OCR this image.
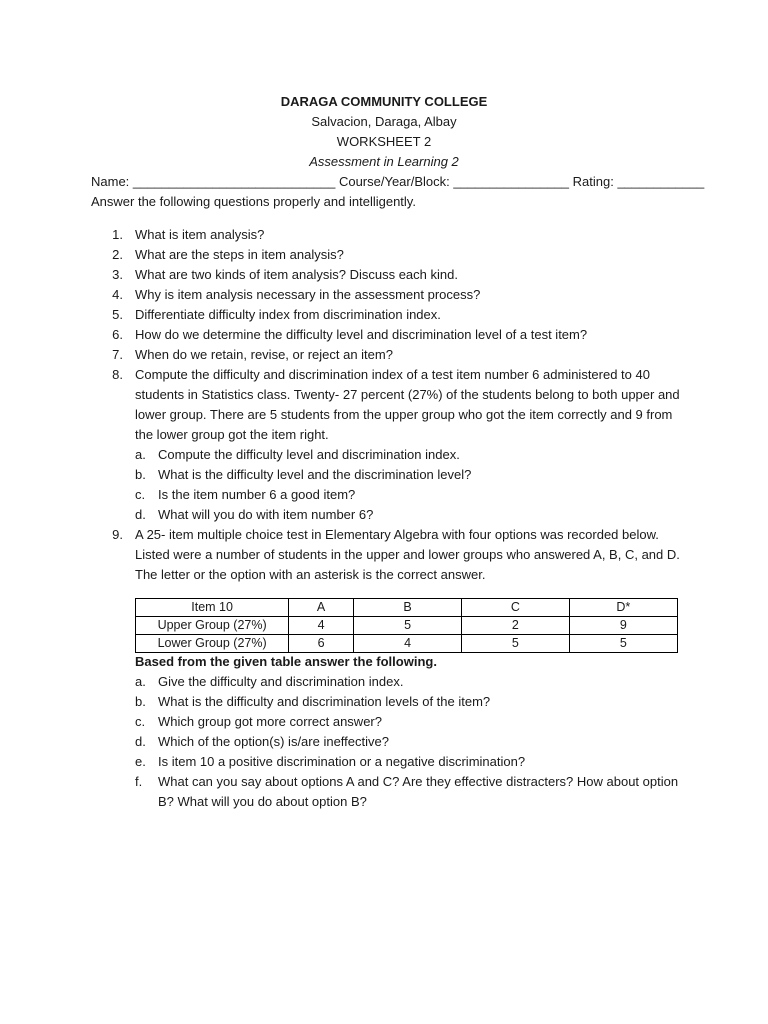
DARAGA COMMUNITY COLLEGE
Salvacion, Daraga, Albay
WORKSHEET 2
Assessment in Learning 2
Name: ____________________________ Course/Year/Block: ________________ Rating: ____________
Answer the following questions properly and intelligently.
1. What is item analysis?
2. What are the steps in item analysis?
3. What are two kinds of item analysis? Discuss each kind.
4. Why is item analysis necessary in the assessment process?
5. Differentiate difficulty index from discrimination index.
6. How do we determine the difficulty level and discrimination level of a test item?
7. When do we retain, revise, or reject an item?
8. Compute the difficulty and discrimination index of a test item number 6 administered to 40
students in Statistics class. Twenty- 27 percent (27%) of the students belong to both upper and
lower group. There are 5 students from the upper group who got the item correctly and 9 from
the lower group got the item right.
a. Compute the difficulty level and discrimination index.
b. What is the difficulty level and the discrimination level?
c. Is the item number 6 a good item?
d. What will you do with item number 6?
9. A 25- item multiple choice test in Elementary Algebra with four options was recorded below.
Listed were a number of students in the upper and lower groups who answered A, B, C, and D.
The letter or the option with an asterisk is the correct answer.
Item 10	A	B	C	D*
Upper Group (27%)	4	5	2	9
Lower Group (27%)	6	4	5	5
Based from the given table answer the following.
a. Give the difficulty and discrimination index.
b. What is the difficulty and discrimination levels of the item?
c. Which group got more correct answer?
d. Which of the option(s) is/are ineffective?
e. Is item 10 a positive discrimination or a negative discrimination?
f.	What can you say about options A and C? Are they effective distracters? How about option
B? What will you do about option B?
